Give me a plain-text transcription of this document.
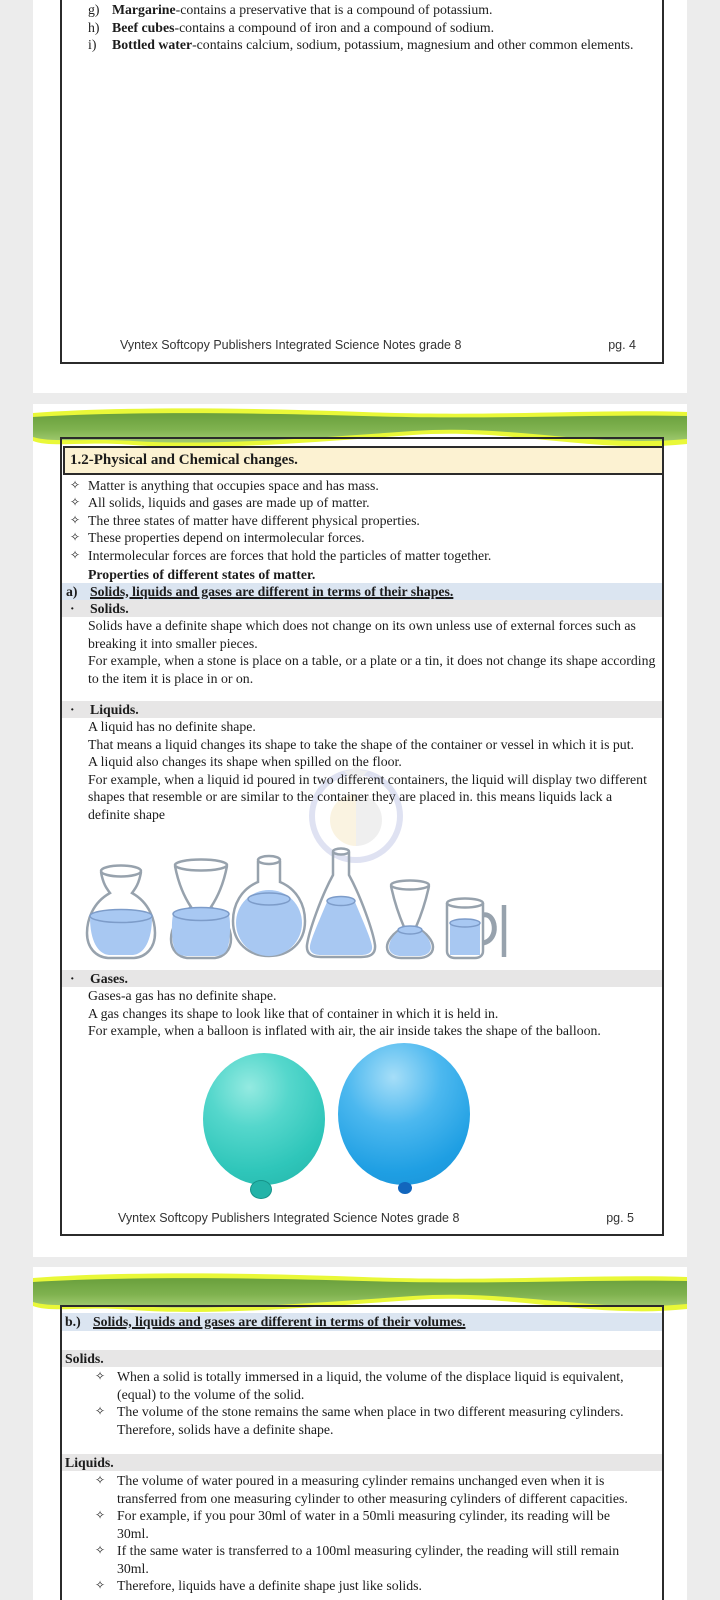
g) Margarine-contains a preservative that is a compound of potassium.
h) Beef cubes-contains a compound of iron and a compound of sodium.
i)	Bottled water-contains calcium, sodium, potassium, magnesium and other common elements.
Vyntex Softcopy Publishers Integrated Science Notes grade 8	pg. 4
1.2-Physical and Chemical changes.
✧ Matter is anything that occupies space and has mass.
✧ All solids, liquids and gases are made up of matter.
✧ The three states of matter have different physical properties.
✧ These properties depend on intermolecular forces.
✧ Intermolecular forces are forces that hold the particles of matter together.
Properties of different states of matter.
a) Solids, liquids and gases are different in terms of their shapes.
·	Solids.
Solids have a definite shape which does not change on its own unless use of external forces such as breaking it into smaller pieces.
For example, when a stone is place on a table, or a plate or a tin, it does not change its shape according to the item it is place in or on.
·	Liquids.
A liquid has no definite shape.
That means a liquid changes its shape to take the shape of the container or vessel in which it is put.
A liquid also changes its shape when spilled on the floor.
For example, when a liquid id poured in two different containers, the liquid will display two different shapes that resemble or are similar to the container they are placed in. this means liquids lack a definite shape
·	Gases.
Gases-a gas has no definite shape.
A gas changes its shape to look like that of container in which it is held in.
For example, when a balloon is inflated with air, the air inside takes the shape of the balloon.
Vyntex Softcopy Publishers Integrated Science Notes grade 8	pg. 5
b.) Solids, liquids and gases are different in terms of their volumes.
Solids.
✧ When a solid is totally immersed in a liquid, the volume of the displace liquid is equivalent, (equal) to the volume of the solid.
✧ The volume of the stone remains the same when place in two different measuring cylinders. Therefore, solids have a definite shape.
Liquids.
✧ The volume of water poured in a measuring cylinder remains unchanged even when it is transferred from one measuring cylinder to other measuring cylinders of different capacities.
✧ For example, if you pour 30ml of water in a 50mli measuring cylinder, its reading will be 30ml.
✧ If the same water is transferred to a 100ml measuring cylinder, the reading will still remain 30ml.
✧ Therefore, liquids have a definite shape just like solids.
